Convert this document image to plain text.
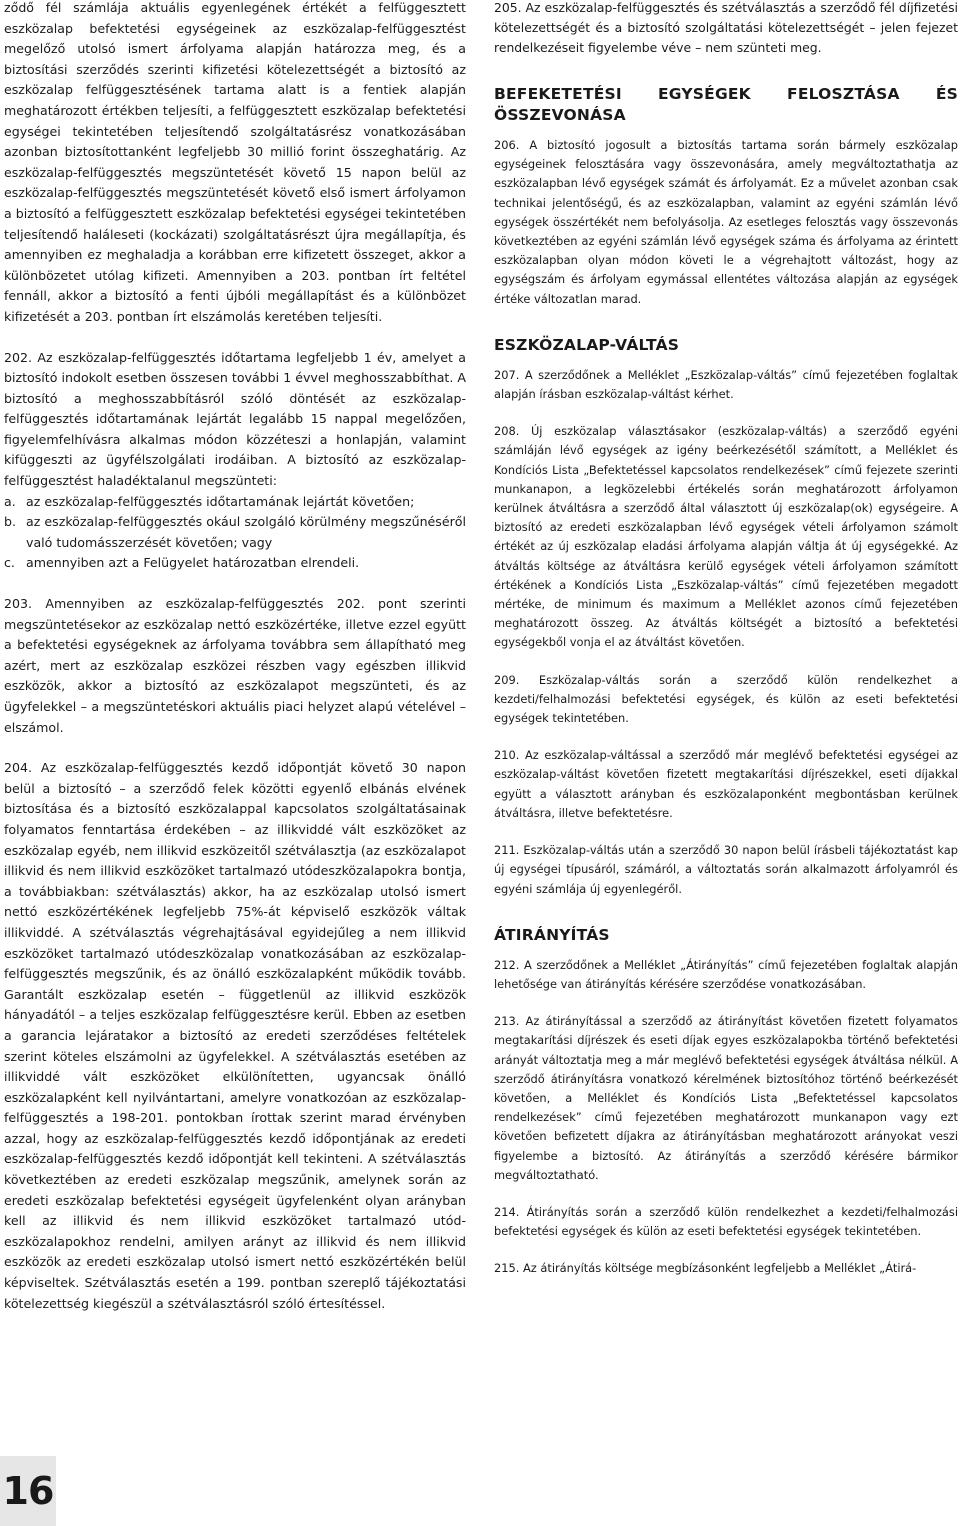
ződő fél számlája aktuális egyenlegének értékét a felfüggesztett eszközalap befektetési egységeinek az eszközalap-felfüggesztést megelőző utolsó ismert árfolyama alapján határozza meg, és a biztosítási szerződés szerinti kifizetési kötelezettségét a biztosító az eszközalap felfüggesztésének tartama alatt is a fentiek alapján meghatározott értékben teljesíti, a felfüggesztett eszközalap befektetési egységei tekintetében teljesítendő szolgáltatásrész vonatkozásában azonban biztosítottanként legfeljebb 30 millió forint összeghatárig. Az eszközalap-felfüggesztés megszüntetését követő 15 napon belül az eszközalap-felfüggesztés megszüntetését követő első ismert árfolyamon a biztosító a felfüggesztett eszközalap befektetési egységei tekintetében teljesítendő haláleseti (kockázati) szolgáltatásrészt újra megállapítja, és amennyiben ez meghaladja a korábban erre kifizetett összeget, akkor a különbözetet utólag kifizeti. Amennyiben a 203. pontban írt feltétel fennáll, akkor a biztosító a fenti újbóli megállapítást és a különbözet kifizetését a 203. pontban írt elszámolás keretében teljesíti.

202. Az eszközalap-felfüggesztés időtartama legfeljebb 1 év, amelyet a biztosító indokolt esetben összesen további 1 évvel meghosszabbíthat. A biztosító a meghosszabbításról szóló döntését az eszközalap-felfüggesztés időtartamának lejártát legalább 15 nappal megelőzően, figyelemfelhívásra alkalmas módon közzéteszi a honlapján, valamint kifüggeszti az ügyfélszolgálati irodáiban. A biztosító az eszközalap-felfüggesztést haladéktalanul megszünteti:

a. az eszközalap-felfüggesztés időtartamának lejártát követően;
b. az eszközalap-felfüggesztés okául szolgáló körülmény megszűnéséről való tudomásszerzését követően; vagy
c. amennyiben azt a Felügyelet határozatban elrendeli.

203. Amennyiben az eszközalap-felfüggesztés 202. pont szerinti megszüntetésekor az eszközalap nettó eszközértéke, illetve ezzel együtt a befektetési egységeknek az árfolyama továbbra sem állapítható meg azért, mert az eszközalap eszközei részben vagy egészben illikvid eszközök, akkor a biztosító az eszközalapot megszünteti, és az ügyfelekkel – a megszüntetéskori aktuális piaci helyzet alapú vételével – elszámol.

204. Az eszközalap-felfüggesztés kezdő időpontját követő 30 napon belül a biztosító – a szerződő felek közötti egyenlő elbánás elvének biztosítása és a biztosító eszközalappal kapcsolatos szolgáltatásainak folyamatos fenntartása érdekében – az illikviddé vált eszközöket az eszközalap egyéb, nem illikvid eszközeitől szétválasztja (az eszközalapot illikvid és nem illikvid eszközöket tartalmazó utódeszközalapokra bontja, a továbbiakban: szétválasztás) akkor, ha az eszközalap utolsó ismert nettó eszközértékének legfeljebb 75%-át képviselő eszközök váltak illikviddé. A szétválasztás végrehajtásával egyidejűleg a nem illikvid eszközöket tartalmazó utódeszközalap vonatkozásában az eszközalap-felfüggesztés megszűnik, és az önálló eszközalapként működik tovább. Garantált eszközalap esetén – függetlenül az illikvid eszközök hányadától – a teljes eszközalap felfüggesztésre kerül. Ebben az esetben a garancia lejáratakor a biztosító az eredeti szerződéses feltételek szerint köteles elszámolni az ügyfelekkel. A szétválasztás esetében az illikviddé vált eszközöket elkülönítetten, ugyancsak önálló eszközalapként kell nyilvántartani, amelyre vonatkozóan az eszközalap-felfüggesztés a 198-201. pontokban írottak szerint marad érvényben azzal, hogy az eszközalap-felfüggesztés kezdő időpontjának az eredeti eszközalap-felfüggesztés kezdő időpontját kell tekinteni. A szétválasztás következtében az eredeti eszközalap megszűnik, amelynek során az eredeti eszközalap befektetési egységeit ügyfelenként olyan arányban kell az illikvid és nem illikvid eszközöket tartalmazó utód-eszközalapokhoz rendelni, amilyen arányt az illikvid és nem illikvid eszközök az eredeti eszközalap utolsó ismert nettó eszközértékén belül képviseltek. Szétválasztás esetén a 199. pontban szereplő tájékoztatási kötelezettség kiegészül a szétválasztásról szóló értesítéssel.

205. Az eszközalap-felfüggesztés és szétválasztás a szerződő fél díjfizetési kötelezettségét és a biztosító szolgáltatási kötelezettségét – jelen fejezet rendelkezéseit figyelembe véve – nem szünteti meg.

BEFEKETETÉSI EGYSÉGEK FELOSZTÁSA ÉS ÖSSZEVONÁSA

206. A biztosító jogosult a biztosítás tartama során bármely eszközalap egységeinek felosztására vagy összevonására, amely megváltoztathatja az eszközalapban lévő egységek számát és árfolyamát. Ez a művelet azonban csak technikai jelentőségű, és az eszközalapban, valamint az egyéni számlán lévő egységek összértékét nem befolyásolja. Az esetleges felosztás vagy összevonás következtében az egyéni számlán lévő egységek száma és árfolyama az érintett eszközalapban olyan módon követi le a végrehajtott változást, hogy az egységszám és árfolyam egymással ellentétes változása alapján az egységek értéke változatlan marad.

ESZKÖZALAP-VÁLTÁS

207. A szerződőnek a Melléklet „Eszközalap-váltás” című fejezetében foglaltak alapján írásban eszközalap-váltást kérhet.

208. Új eszközalap választásakor (eszközalap-váltás) a szerződő egyéni számláján lévő egységek az igény beérkezésétől számított, a Melléklet és Kondíciós Lista „Befektetéssel kapcsolatos rendelkezések” című fejezete szerinti munkanapon, a legközelebbi értékelés során meghatározott árfolyamon kerülnek átváltásra a szerződő által választott új eszközalap(ok) egységeire. A biztosító az eredeti eszközalapban lévő egységek vételi árfolyamon számolt értékét az új eszközalap eladási árfolyama alapján váltja át új egységekké. Az átváltás költsége az átváltásra kerülő egységek vételi árfolyamon számított értékének a Kondíciós Lista „Eszközalap-váltás” című fejezetében megadott mértéke, de minimum és maximum a Melléklet azonos című fejezetében meghatározott összeg. Az átváltás költségét a biztosító a befektetési egységekből vonja el az átváltást követően.

209. Eszközalap-váltás során a szerződő külön rendelkezhet a kezdeti/felhalmozási befektetési egységek, és külön az eseti befektetési egységek tekintetében.

210. Az eszközalap-váltással a szerződő már meglévő befektetési egységei az eszközalap-váltást követően fizetett megtakarítási díjrészekkel, eseti díjakkal együtt a választott arányban és eszközalaponként megbontásban kerülnek átváltásra, illetve befektetésre.

211. Eszközalap-váltás után a szerződő 30 napon belül írásbeli tájékoztatást kap új egységei típusáról, számáról, a változtatás során alkalmazott árfolyamról és egyéni számlája új egyenlegéről.

ÁTIRÁNYÍTÁS

212. A szerződőnek a Melléklet „Átirányítás” című fejezetében foglaltak alapján lehetősége van átirányítás kérésére szerződése vonatkozásában.

213. Az átirányítással a szerződő az átirányítást követően fizetett folyamatos megtakarítási díjrészek és eseti díjak egyes eszközalapokba történő befektetési arányát változtatja meg a már meglévő befektetési egységek átváltása nélkül. A szerződő átirányításra vonatkozó kérelmének biztosítóhoz történő beérkezését követően, a Melléklet és Kondíciós Lista „Befektetéssel kapcsolatos rendelkezések” című fejezetében meghatározott munkanapon vagy ezt követően befizetett díjakra az átirányításban meghatározott arányokat veszi figyelembe a biztosító. Az átirányítás a szerződő kérésére bármikor megváltoztatható.

214. Átirányítás során a szerződő külön rendelkezhet a kezdeti/felhalmozási befektetési egységek és külön az eseti befektetési egységek tekintetében.

215. Az átirányítás költsége megbízásonként legfeljebb a Melléklet „Átirá-

16
